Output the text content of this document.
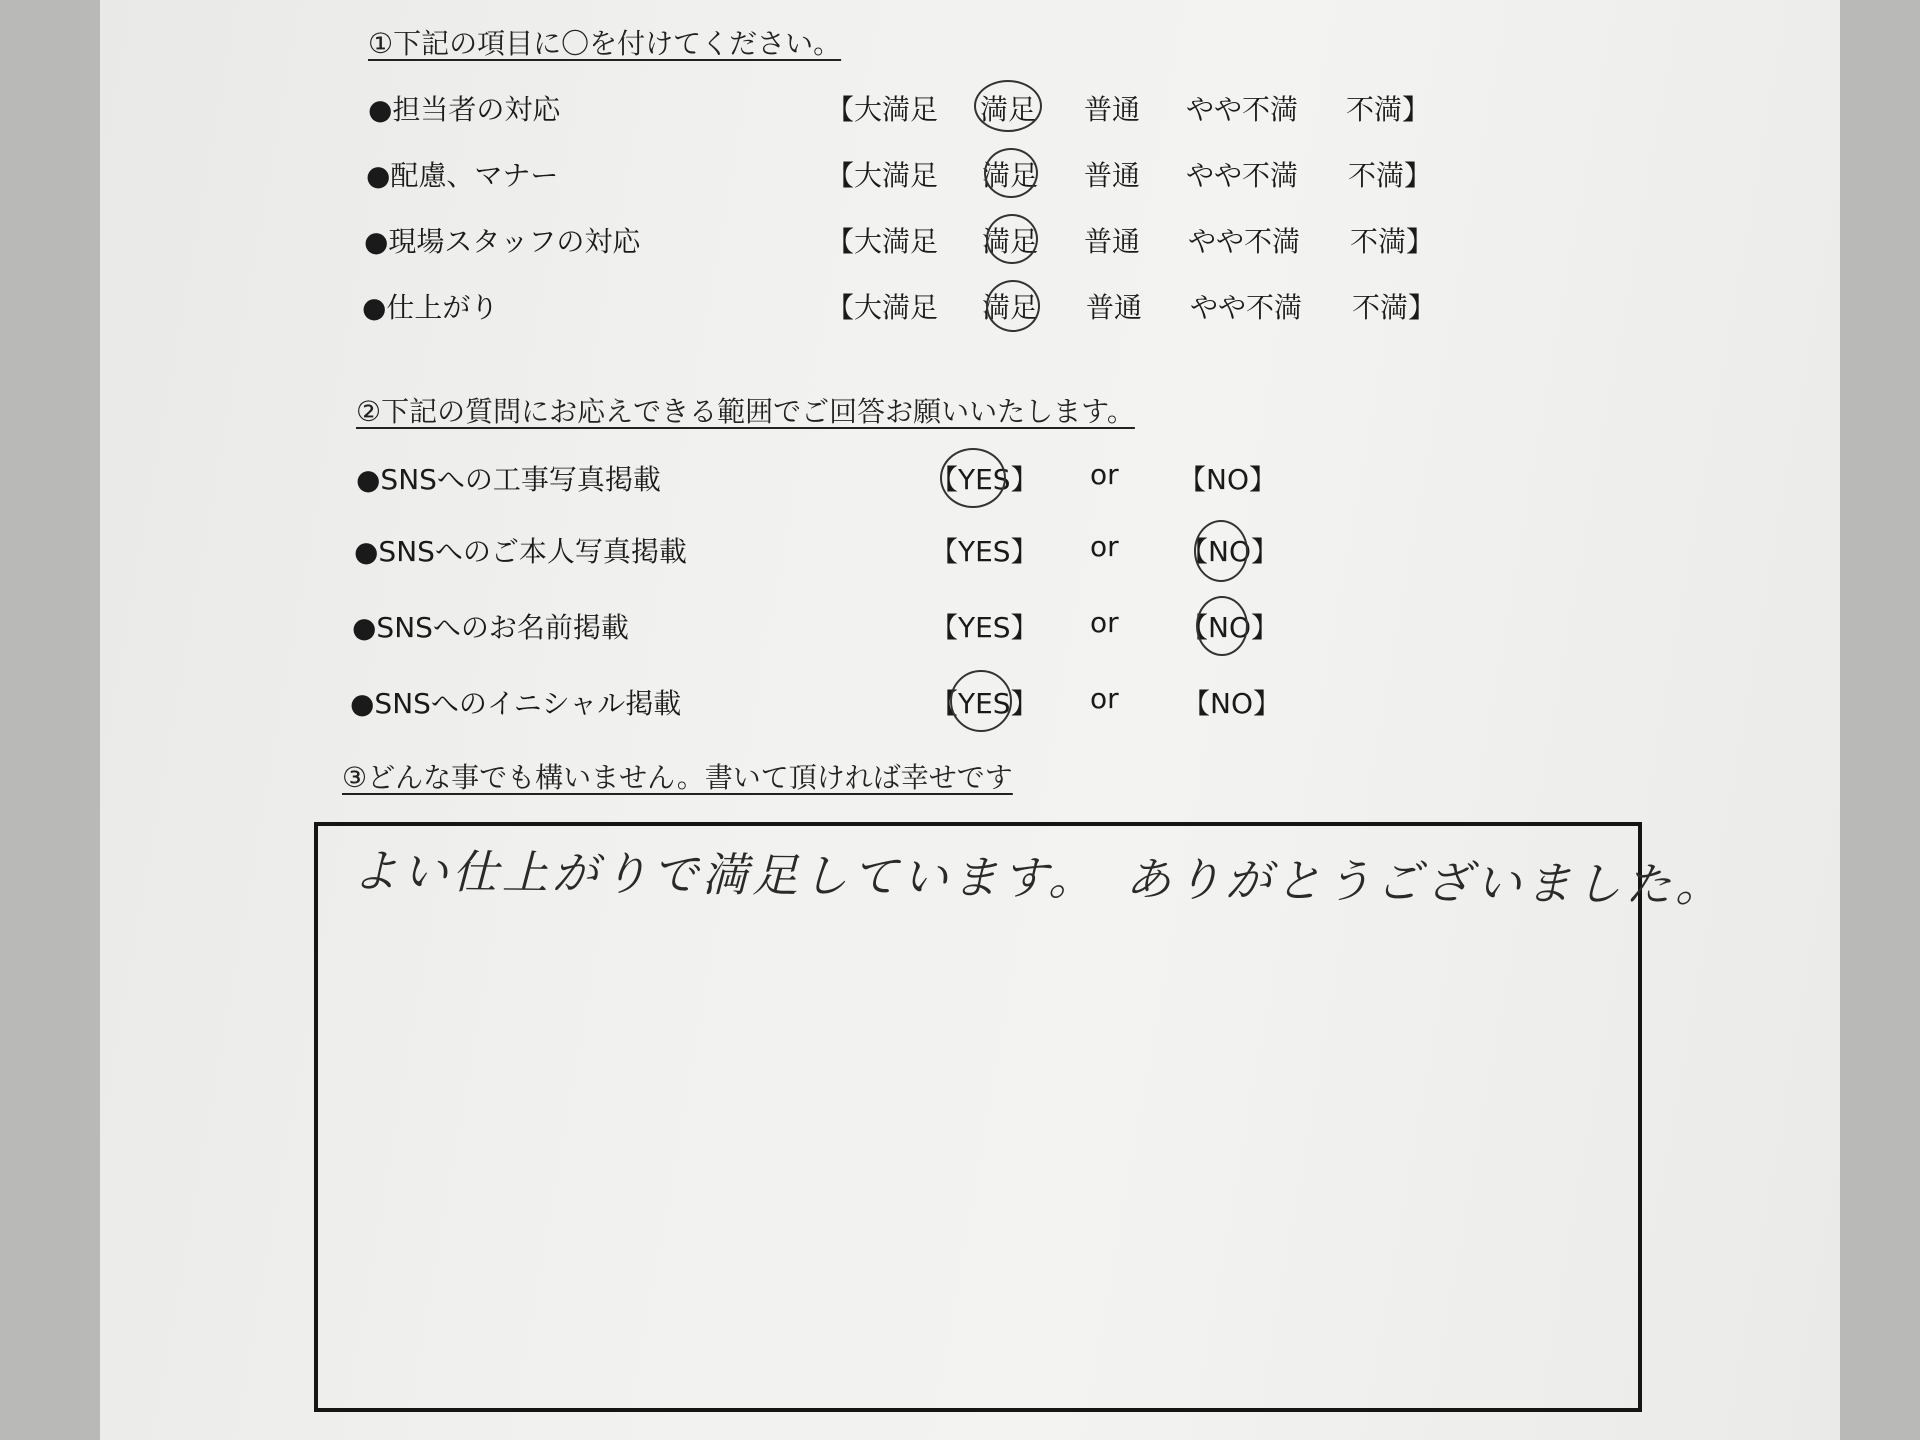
①下記の項目に〇を付けてください。
●担当者の対応	【大満足 満足 普通 やや不満 不満】
●配慮、マナー	【大満足 満足 普通 やや不満 不満】
●現場スタッフの対応	【大満足 満足 普通 やや不満 不満】
●仕上がり	【大満足 満足 普通 やや不満 不満】
②下記の質問にお応えできる範囲でご回答お願いいたします。
●SNSへの工事写真掲載	【YES】 or 【NO】
●SNSへのご本人写真掲載	【YES】 or 【NO】
●SNSへのお名前掲載	【YES】 or 【NO】
●SNSへのイニシャル掲載	【YES】 or 【NO】
③どんな事でも構いません。書いて頂ければ幸せです
よい仕上がりで満足しています。　ありがとうございました。
